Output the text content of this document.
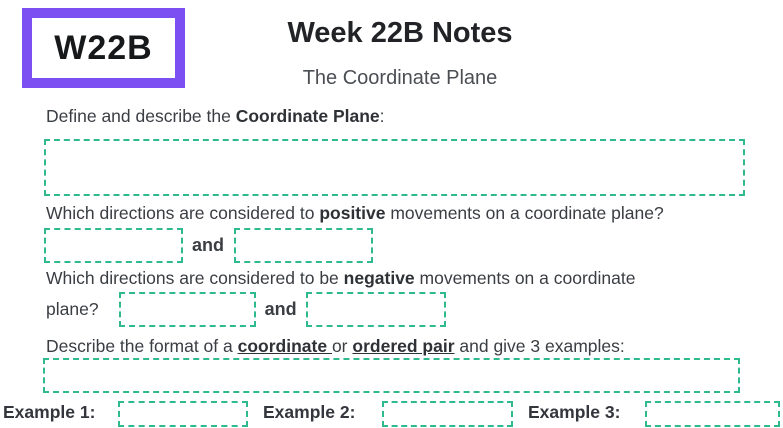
W22B	Week 22B Notes
The Coordinate Plane

Define and describe the Coordinate Plane:

Which directions are considered to positive movements on a coordinate plane?

and

Which directions are considered to be negative movements on a coordinate

plane?	and

Describe the format of a coordinate or ordered pair and give 3 examples:

Example 1:	Example 2:	Example 3:
